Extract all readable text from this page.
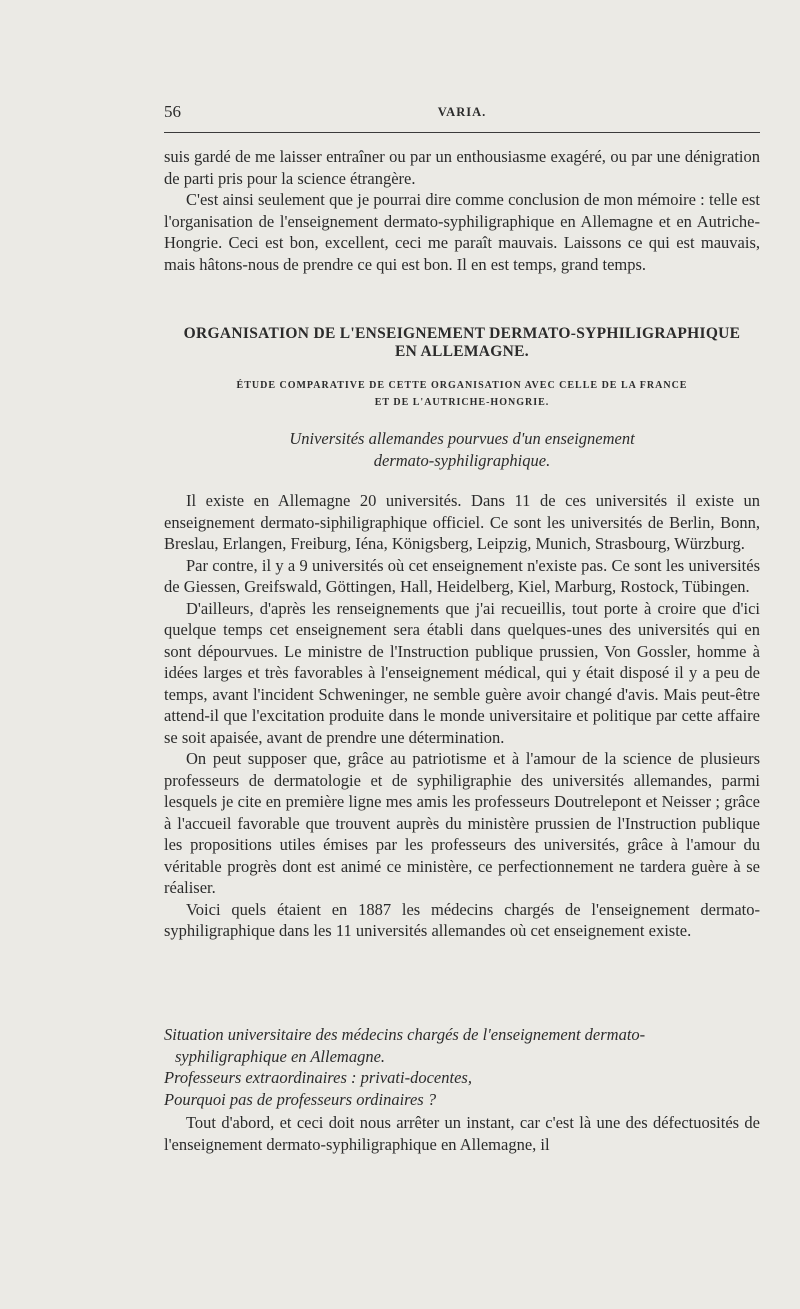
56	VARIA.

suis gardé de me laisser entraîner ou par un enthousiasme exagéré, ou par une dénigration de parti pris pour la science étrangère.

C'est ainsi seulement que je pourrai dire comme conclusion de mon mémoire : telle est l'organisation de l'enseignement dermato-syphiligraphique en Allemagne et en Autriche-Hongrie. Ceci est bon, excellent, ceci me paraît mauvais. Laissons ce qui est mauvais, mais hâtons-nous de prendre ce qui est bon. Il en est temps, grand temps.

ORGANISATION DE L'ENSEIGNEMENT DERMATO-SYPHILIGRAPHIQUE
EN ALLEMAGNE.
ÉTUDE COMPARATIVE DE CETTE ORGANISATION AVEC CELLE DE LA FRANCE
ET DE L'AUTRICHE-HONGRIE.
Universités allemandes pourvues d'un enseignement
dermato-syphiligraphique.

Il existe en Allemagne 20 universités. Dans 11 de ces universités il existe un enseignement dermato-siphiligraphique officiel. Ce sont les universités de Berlin, Bonn, Breslau, Erlangen, Freiburg, Iéna, Königsberg, Leipzig, Munich, Strasbourg, Würzburg.

Par contre, il y a 9 universités où cet enseignement n'existe pas. Ce sont les universités de Giessen, Greifswald, Göttingen, Hall, Heidelberg, Kiel, Marburg, Rostock, Tübingen.

D'ailleurs, d'après les renseignements que j'ai recueillis, tout porte à croire que d'ici quelque temps cet enseignement sera établi dans quelques-unes des universités qui en sont dépourvues. Le ministre de l'Instruction publique prussien, Von Gossler, homme à idées larges et très favorables à l'enseignement médical, qui y était disposé il y a peu de temps, avant l'incident Schweninger, ne semble guère avoir changé d'avis. Mais peut-être attend-il que l'excitation produite dans le monde universitaire et politique par cette affaire se soit apaisée, avant de prendre une détermination.

On peut supposer que, grâce au patriotisme et à l'amour de la science de plusieurs professeurs de dermatologie et de syphiligraphie des universités allemandes, parmi lesquels je cite en première ligne mes amis les professeurs Doutrelepont et Neisser ; grâce à l'accueil favorable que trouvent auprès du ministère prussien de l'Instruction publique les propositions utiles émises par les professeurs des universités, grâce à l'amour du véritable progrès dont est animé ce ministère, ce perfectionnement ne tardera guère à se réaliser.

Voici quels étaient en 1887 les médecins chargés de l'enseignement dermato-syphiligraphique dans les 11 universités allemandes où cet enseignement existe.

Situation universitaire des médecins chargés de l'enseignement dermato-
syphiligraphique en Allemagne.
Professeurs extraordinaires : privati-docentes,
Pourquoi pas de professeurs ordinaires ?

Tout d'abord, et ceci doit nous arrêter un instant, car c'est là une des défectuosités de l'enseignement dermato-syphiligraphique en Allemagne, il
